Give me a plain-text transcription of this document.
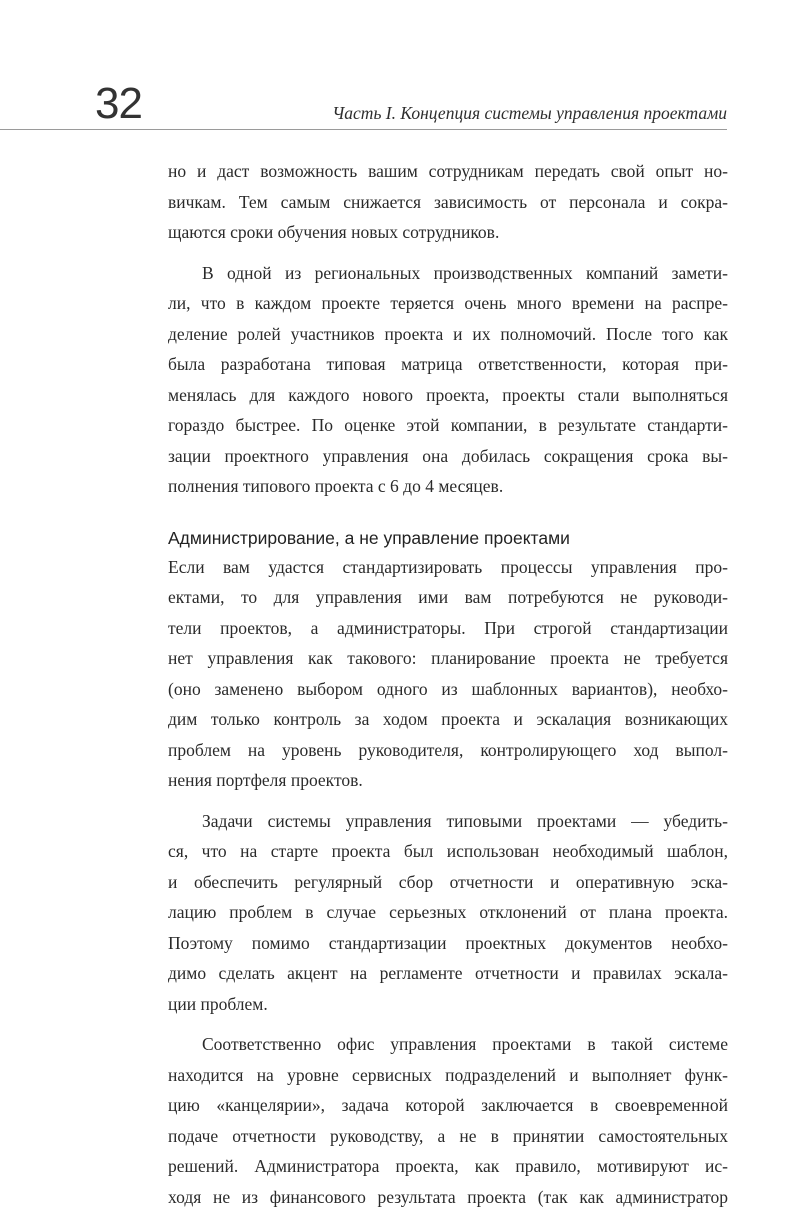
32	Часть I. Концепция системы управления проектами
но и даст возможность вашим сотрудникам передать свой опыт но-
вичкам. Тем самым снижается зависимость от персонала и сокра-
щаются сроки обучения новых сотрудников.
В одной из региональных производственных компаний замети-
ли, что в каждом проекте теряется очень много времени на распре-
деление ролей участников проекта и их полномочий. После того как
была разработана типовая матрица ответственности, которая при-
менялась для каждого нового проекта, проекты стали выполняться
гораздо быстрее. По оценке этой компании, в результате стандарти-
зации проектного управления она добилась сокращения срока вы-
полнения типового проекта с 6 до 4 месяцев.
Администрирование, а не управление проектами
Если вам удастся стандартизировать процессы управления про-
ектами, то для управления ими вам потребуются не руководи-
тели проектов, а администраторы. При строгой стандартизации
нет управления как такового: планирование проекта не требуется
(оно заменено выбором одного из шаблонных вариантов), необхо-
дим только контроль за ходом проекта и эскалация возникающих
проблем на уровень руководителя, контролирующего ход выпол-
нения портфеля проектов.
Задачи системы управления типовыми проектами — убедить-
ся, что на старте проекта был использован необходимый шаблон,
и обеспечить регулярный сбор отчетности и оперативную эска-
лацию проблем в случае серьезных отклонений от плана проекта.
Поэтому помимо стандартизации проектных документов необхо-
димо сделать акцент на регламенте отчетности и правилах эскала-
ции проблем.
Соответственно офис управления проектами в такой системе
находится на уровне сервисных подразделений и выполняет функ-
цию «канцелярии», задача которой заключается в своевременной
подаче отчетности руководству, а не в принятии самостоятельных
решений. Администратора проекта, как правило, мотивируют ис-
ходя не из финансового результата проекта (так как администратор
